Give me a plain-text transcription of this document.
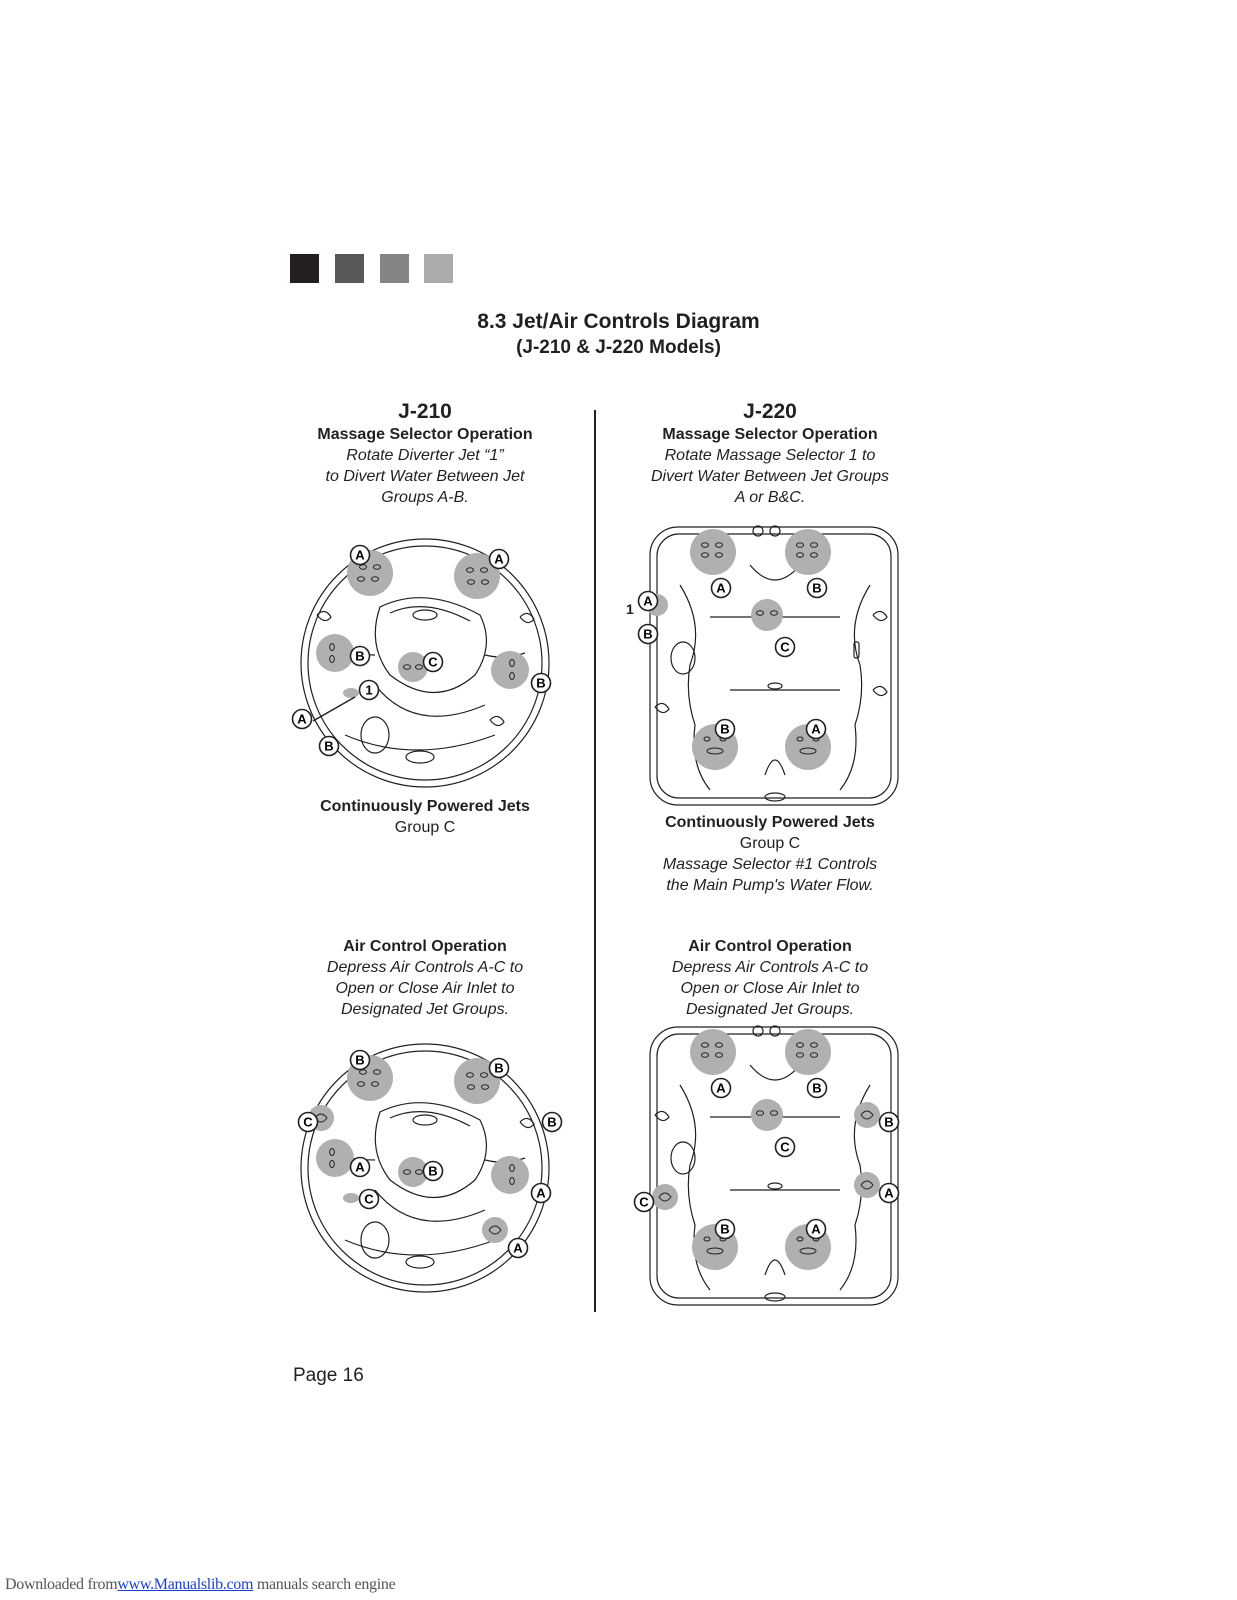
8.3 Jet/Air Controls Diagram
(J-210 & J-220 Models)
J-210
Massage Selector Operation
Rotate Diverter Jet “1”
to Divert Water Between Jet
Groups A-B.
Continuously Powered Jets
Group C
Air Control Operation
Depress Air Controls A-C to
Open or Close Air Inlet to
Designated Jet Groups.
J-220
Massage Selector Operation
Rotate Massage Selector 1 to
Divert Water Between Jet Groups
A or B&C.
Continuously Powered Jets
Group C
Massage Selector #1 Controls
the Main Pump's Water Flow.
Air Control Operation
Depress Air Controls A-C to
Open or Close Air Inlet to
Designated Jet Groups.
A	A
B	C
B
1
A
B
A	B
A
1
B
C
B	A
B
B
C	B
A	B
C	A
A
A	B
B
C
A
C
B	A
Page 16
Downloaded fromwww.Manualslib.com manuals search engine
